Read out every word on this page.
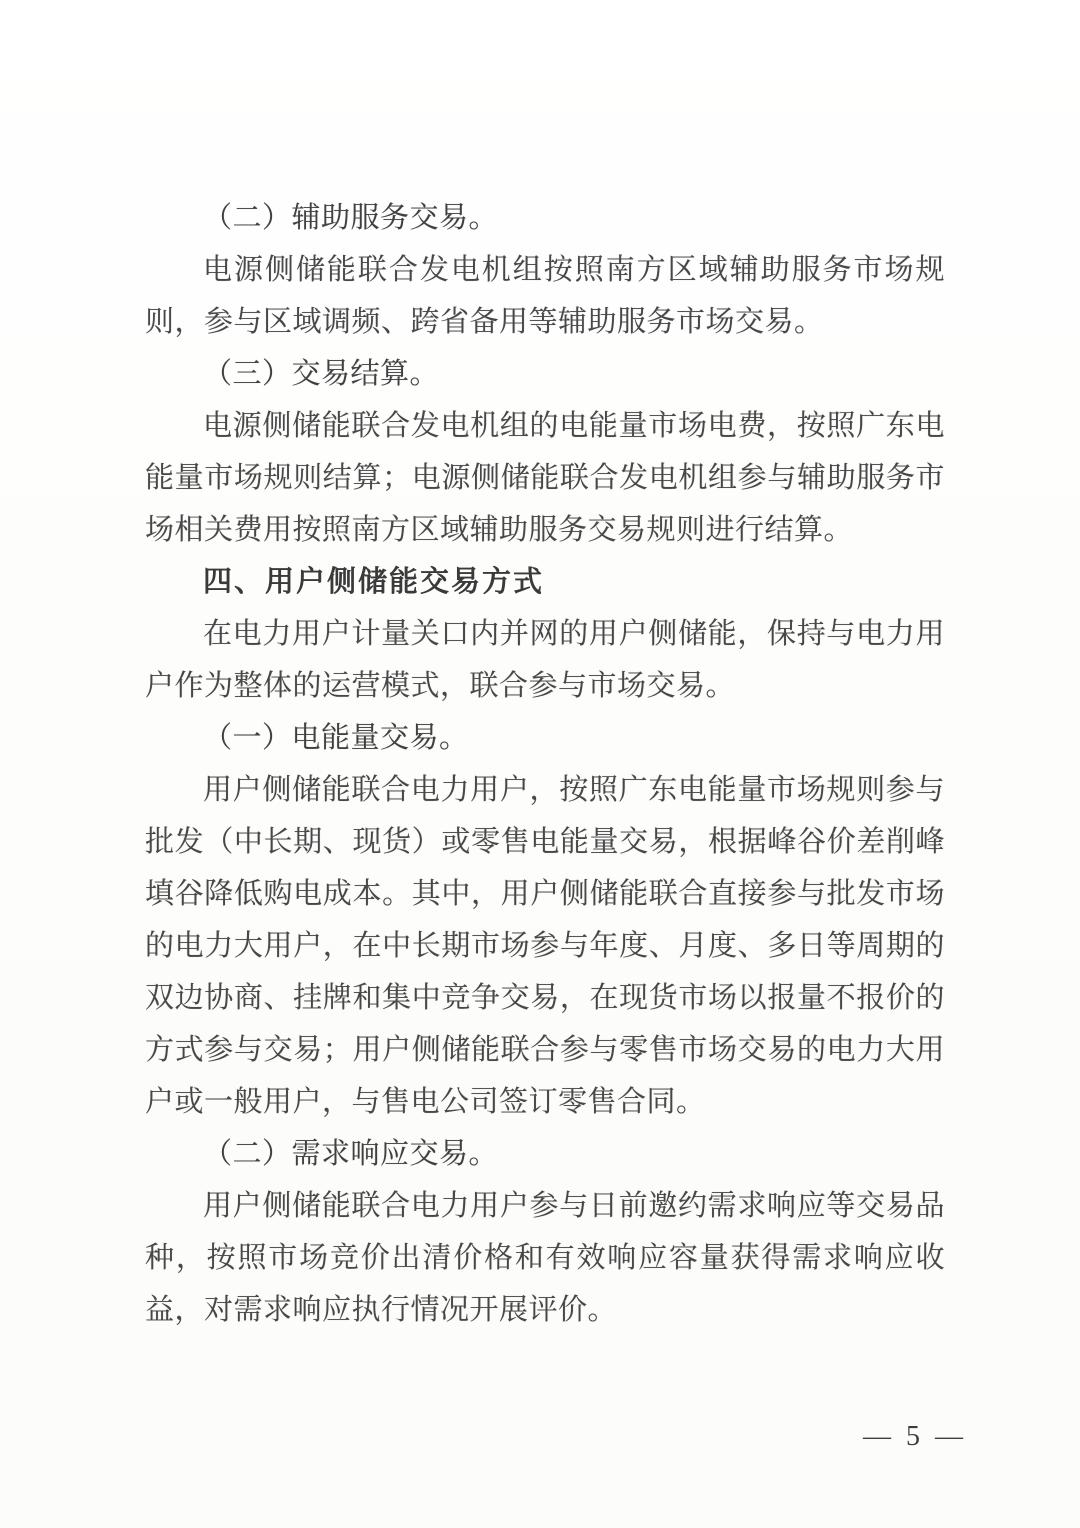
（二）辅助服务交易。

电源侧储能联合发电机组按照南方区域辅助服务市场规则，参与区域调频、跨省备用等辅助服务市场交易。

（三）交易结算。

电源侧储能联合发电机组的电能量市场电费，按照广东电能量市场规则结算；电源侧储能联合发电机组参与辅助服务市场相关费用按照南方区域辅助服务交易规则进行结算。

四、用户侧储能交易方式

在电力用户计量关口内并网的用户侧储能，保持与电力用户作为整体的运营模式，联合参与市场交易。

（一）电能量交易。

用户侧储能联合电力用户，按照广东电能量市场规则参与批发（中长期、现货）或零售电能量交易，根据峰谷价差削峰填谷降低购电成本。其中，用户侧储能联合直接参与批发市场的电力大用户，在中长期市场参与年度、月度、多日等周期的双边协商、挂牌和集中竞争交易，在现货市场以报量不报价的方式参与交易；用户侧储能联合参与零售市场交易的电力大用户或一般用户，与售电公司签订零售合同。

（二）需求响应交易。

用户侧储能联合电力用户参与日前邀约需求响应等交易品种，按照市场竞价出清价格和有效响应容量获得需求响应收益，对需求响应执行情况开展评价。

— 5 —
